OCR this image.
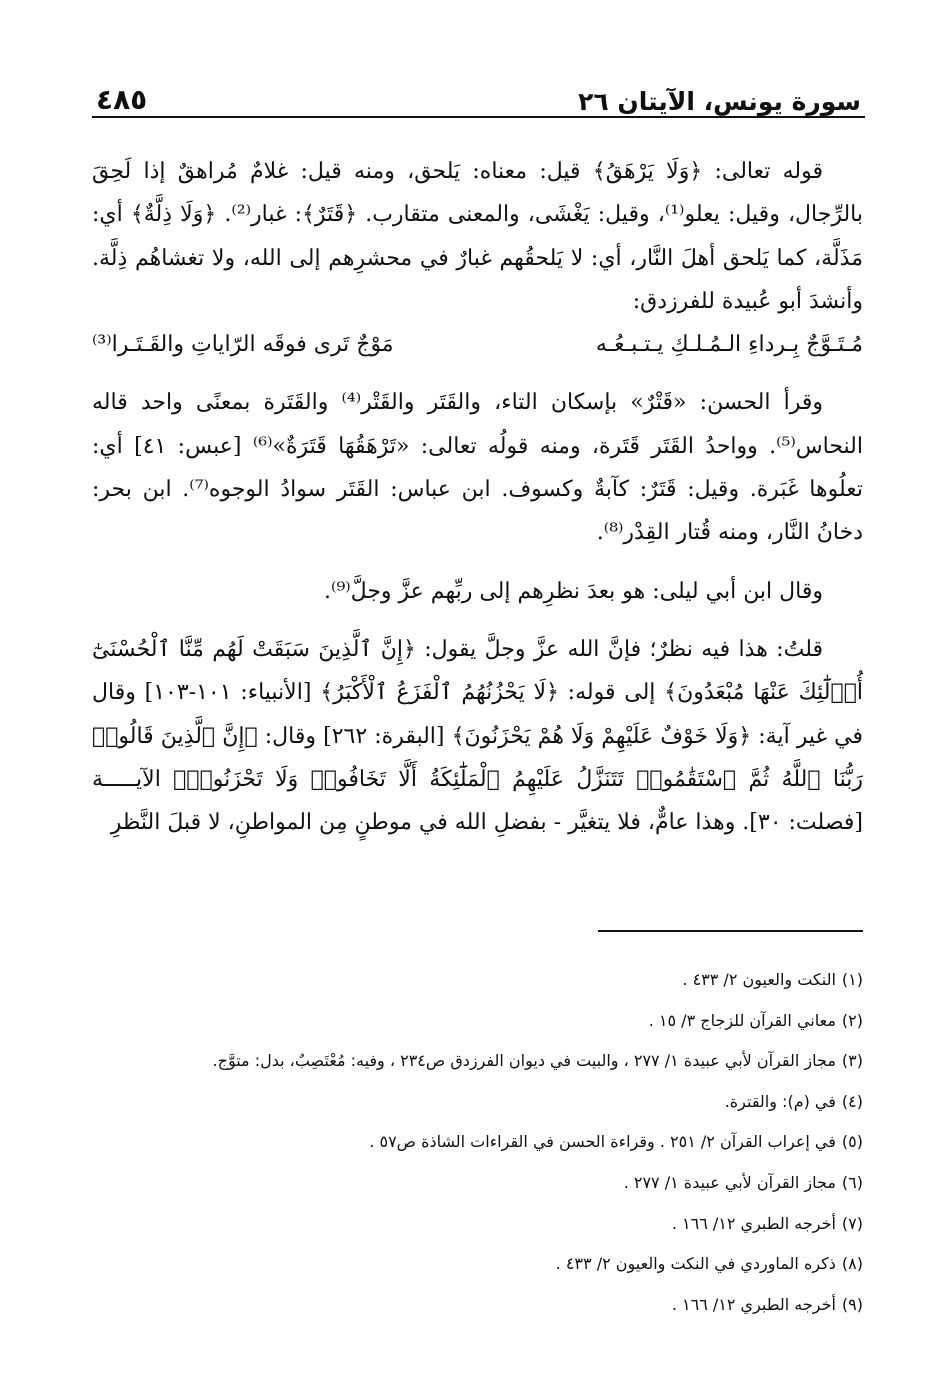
سورة يونس، الآيتان ٢٦
٤٨٥

قوله تعالى: ﴿وَلَا يَرْهَقُ﴾ قيل: معناه: يَلحق، ومنه قيل: غلامٌ مُراهقٌ إذا لَحِقَ بالرِّجال، وقيل: يعلو⁽¹⁾، وقيل: يَغْشَى، والمعنى متقارب. ﴿قَتَرٌ﴾: غبار⁽²⁾. ﴿وَلَا ذِلَّةٌ﴾ أي: مَذَلَّة، كما يَلحق أهلَ النَّار، أي: لا يَلحقُهم غبارٌ في محشرِهم إلى الله، ولا تغشاهُم ذِلَّة. وأنشدَ أبو عُبيدة للفرزدق:

مُـتَـوَّجٌ بِـرداءِ الـمُـلـكِ يـتـبـعُـه
مَوْجٌ تَرى فوقَه الرّاياتِ والقَـتَـرا⁽³⁾

وقرأ الحسن: «قَتْرٌ» بإسكان التاء، والقَتَر والقَتْر⁽⁴⁾ والقَتَرة بمعنًى واحد قاله النحاس⁽⁵⁾. وواحدُ القَتَر قَتَرة، ومنه قولُه تعالى: «تَرْهَقُهَا قَتَرَةٌ»⁽⁶⁾ [عبس: ٤١] أي: تعلُوها غَبَرة. وقيل: قَتَرٌ: كآبةٌ وكسوف. ابن عباس: القَتَر سوادُ الوجوه⁽⁷⁾. ابن بحر: دخانُ النَّار، ومنه قُتار القِدْر⁽⁸⁾.

وقال ابن أبي ليلى: هو بعدَ نظرِهم إلى ربِّهم عزَّ وجلَّ⁽⁹⁾.

قلتُ: هذا فيه نظرٌ؛ فإنَّ الله عزَّ وجلَّ يقول: ﴿إِنَّ ٱلَّذِينَ سَبَقَتْ لَهُم مِّنَّا ٱلْحُسْنَىٰٓ أُو۟لَٰٓئِكَ عَنْهَا مُبْعَدُونَ﴾ إلى قوله: ﴿لَا يَحْزُنُهُمُ ٱلْفَزَعُ ٱلْأَكْبَرُ﴾ [الأنبياء: ١٠١-١٠٣] وقال في غير آية: ﴿وَلَا خَوْفٌ عَلَيْهِمْ وَلَا هُمْ يَحْزَنُونَ﴾ [البقرة: ٢٦٢] وقال: ﴿إِنَّ ٱلَّذِينَ قَالُوا۟ رَبُّنَا ٱللَّهُ ثُمَّ ٱسْتَقَٰمُوا۟ تَتَنَزَّلُ عَلَيْهِمُ ٱلْمَلَٰٓئِكَةُ أَلَّا تَخَافُوا۟ وَلَا تَحْزَنُوا۟﴾ الآيـــــة [فصلت: ٣٠]. وهذا عامٌّ، فلا يتغيَّر - بفضلِ الله في موطنٍ مِن المواطنِ، لا قبلَ النَّظرِ

(١)النكت والعيون ٢/ ٤٣٣ .
(٢)معاني القرآن للزجاج ٣/ ١٥ .
(٣)مجاز القرآن لأبي عبيدة ١/ ٢٧٧ ، والبيت في ديوان الفرزدق ص٢٣٤ ، وفيه: مُعْتَصِبٌ، بدل: متوَّج.
(٤)في (م): والقترة.
(٥)في إعراب القرآن ٢/ ٢٥١ . وقراءة الحسن في القراءات الشاذة ص٥٧ .
(٦)مجاز القرآن لأبي عبيدة ١/ ٢٧٧ .
(٧)أخرجه الطبري ١٢/ ١٦٦ .
(٨)ذكره الماوردي في النكت والعيون ٢/ ٤٣٣ .
(٩)أخرجه الطبري ١٢/ ١٦٦ .
